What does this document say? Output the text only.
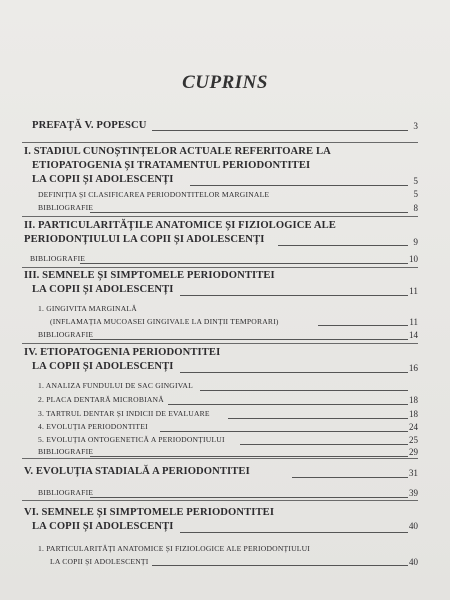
CUPRINS
PREFAȚĂ V. POPESCU	3
I. STADIUL CUNOȘTINȚELOR ACTUALE REFERITOARE LA
ETIOPATOGENIA ȘI TRATAMENTUL PERIODONTITEI
LA COPII ȘI ADOLESCENȚI	5
DEFINIȚIA ȘI CLASIFICAREA PERIODONTITELOR MARGINALE	5
BIBLIOGRAFIE	8
II. PARTICULARITĂȚILE ANATOMICE ȘI FIZIOLOGICE ALE
PERIODONȚIULUI LA COPII ȘI ADOLESCENȚI	9
BIBLIOGRAFIE	10
III. SEMNELE ȘI SIMPTOMELE PERIODONTITEI
LA COPII ȘI ADOLESCENȚI	11
1. GINGIVITA MARGINALĂ
(INFLAMAȚIA MUCOASEI GINGIVALE LA DINȚII TEMPORARI)	11
BIBLIOGRAFIE	14
IV. ETIOPATOGENIA PERIODONTITEI
LA COPII ȘI ADOLESCENȚI	16
1. ANALIZA FUNDULUI DE SAC GINGIVAL
2. PLACA DENTARĂ MICROBIANĂ	18
3. TARTRUL DENTAR ȘI INDICII DE EVALUARE	18
4. EVOLUȚIA PERIODONTITEI	24
5. EVOLUȚIA ONTOGENETICĂ A PERIODONȚIULUI	25
BIBLIOGRAFIE	29
V. EVOLUȚIA STADIALĂ A PERIODONTITEI	31
BIBLIOGRAFIE	39
VI. SEMNELE ȘI SIMPTOMELE PERIODONTITEI
LA COPII ȘI ADOLESCENȚI	40
1. PARTICULARITĂȚI ANATOMICE ȘI FIZIOLOGICE ALE PERIODONȚIULUI
LA COPII ȘI ADOLESCENȚI	40
